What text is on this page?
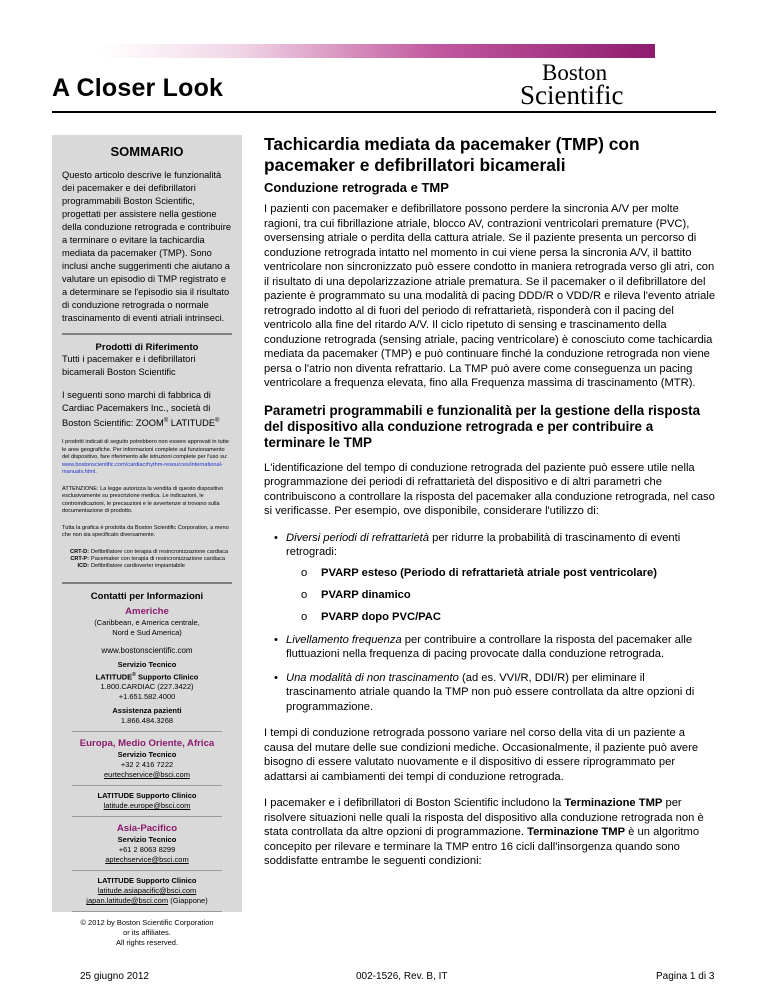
A Closer Look
Boston
Scientific
SOMMARIO

Questo articolo descrive le funzionalità dei pacemaker e dei defibrillatori programmabili Boston Scientific, progettati per assistere nella gestione della conduzione retrograda e contribuire a terminare o evitare la tachicardia mediata da pacemaker (TMP). Sono inclusi anche suggerimenti che aiutano a valutare un episodio di TMP registrato e a determinare se l'episodio sia il risultato di conduzione retrograda o normale trascinamento di eventi atriali intrinseci.

Prodotti di Riferimento

Tutti i pacemaker e i defibrillatori bicamerali Boston Scientific

I seguenti sono marchi di fabbrica di Cardiac Pacemakers Inc., società di Boston Scientific: ZOOM® LATITUDE®

I prodotti indicati di seguito potrebbero non essere approvati in tutte le aree geografiche. Per informazioni complete sul funzionamento del dispositivo, fare riferimento alle istruzioni complete per l'uso su: www.bostonscientific.com/cardiacrhythm-resources/international-manuals.html.

ATTENZIONE: La legge autorizza la vendita di questo dispositivo esclusivamente su prescrizione medica. Le indicazioni, le controindicazioni, le precauzioni e le avvertenze si trovano sulla documentazione di prodotto.

Tutta la grafica è prodotta da Boston Scientific Corporation, a meno che non sia specificato diversamente.

CRT-D: Defibrillatore con terapia di resincronizzazione cardiaca
CRT-P: Pacemaker con terapia di resincronizzazione cardiaca
ICD: Defibrillatore cardioverter impiantabile

Contatti per Informazioni

Americhe

(Caribbean, e America centrale,
Nord e Sud America)
www.bostonscientific.com
Servizio Tecnico
LATITUDE® Supporto Clinico
1.800.CARDIAC (227.3422)
+1.651.582.4000
Assistenza pazienti
1.866.484.3268

Europa, Medio Oriente, Africa

Servizio Tecnico
+32 2 416 7222
eurtechservice@bsci.com
LATITUDE Supporto Clinico
latitude.europe@bsci.com

Asia-Pacifico

Servizio Tecnico
+61 2 8063 8299
aptechservice@bsci.com
LATITUDE Supporto Clinico
latitude.asiapacific@bsci.com
japan.latitude@bsci.com (Giappone)
© 2012 by Boston Scientific Corporation
or its affiliates.
All rights reserved.
Tachicardia mediata da pacemaker (TMP) con pacemaker e defibrillatori bicamerali
Conduzione retrograda e TMP

I pazienti con pacemaker e defibrillatore possono perdere la sincronia A/V per molte ragioni, tra cui fibrillazione atriale, blocco AV, contrazioni ventricolari premature (PVC), oversensing atriale o perdita della cattura atriale. Se il paziente presenta un percorso di conduzione retrograda intatto nel momento in cui viene persa la sincronia A/V, il battito ventricolare non sincronizzato può essere condotto in maniera retrograda verso gli atri, con il risultato di una depolarizzazione atriale prematura. Se il pacemaker o il defibrillatore del paziente è programmato su una modalità di pacing DDD/R o VDD/R e rileva l'evento atriale retrogrado indotto al di fuori del periodo di refrattarietà, risponderà con il pacing del ventricolo alla fine del ritardo A/V. Il ciclo ripetuto di sensing e trascinamento della conduzione retrograda (sensing atriale, pacing ventricolare) è conosciuto come tachicardia mediata da pacemaker (TMP) e può continuare finché la conduzione retrograda non viene persa o l'atrio non diventa refrattario. La TMP può avere come conseguenza un pacing ventricolare a frequenza elevata, fino alla Frequenza massima di trascinamento (MTR).

Parametri programmabili e funzionalità per la gestione della risposta del dispositivo alla conduzione retrograda e per contribuire a terminare le TMP

L'identificazione del tempo di conduzione retrograda del paziente può essere utile nella programmazione dei periodi di refrattarietà del dispositivo e di altri parametri che contribuiscono a controllare la risposta del pacemaker alla conduzione retrograda, nel caso si verificasse. Per esempio, ove disponibile, considerare l'utilizzo di:

• Diversi periodi di refrattarietà per ridurre la probabilità di trascinamento di eventi retrogradi:
o PVARP esteso (Periodo di refrattarietà atriale post ventricolare)
o PVARP dinamico
o PVARP dopo PVC/PAC
• Livellamento frequenza per contribuire a controllare la risposta del pacemaker alle fluttuazioni nella frequenza di pacing provocate dalla conduzione retrograda.
• Una modalità di non trascinamento (ad es. VVI/R, DDI/R) per eliminare il trascinamento atriale quando la TMP non può essere controllata da altre opzioni di programmazione.

I tempi di conduzione retrograda possono variare nel corso della vita di un paziente a causa del mutare delle sue condizioni mediche. Occasionalmente, il paziente può avere bisogno di essere valutato nuovamente e il dispositivo di essere riprogrammato per adattarsi ai cambiamenti dei tempi di conduzione retrograda.

I pacemaker e i defibrillatori di Boston Scientific includono la Terminazione TMP per risolvere situazioni nelle quali la risposta del dispositivo alla conduzione retrograda non è stata controllata da altre opzioni di programmazione. Terminazione TMP è un algoritmo concepito per rilevare e terminare la TMP entro 16 cicli dall'insorgenza quando sono soddisfatte entrambe le seguenti condizioni:

25 giugno 2012	002-1526, Rev. B, IT	Pagina 1 di 3
